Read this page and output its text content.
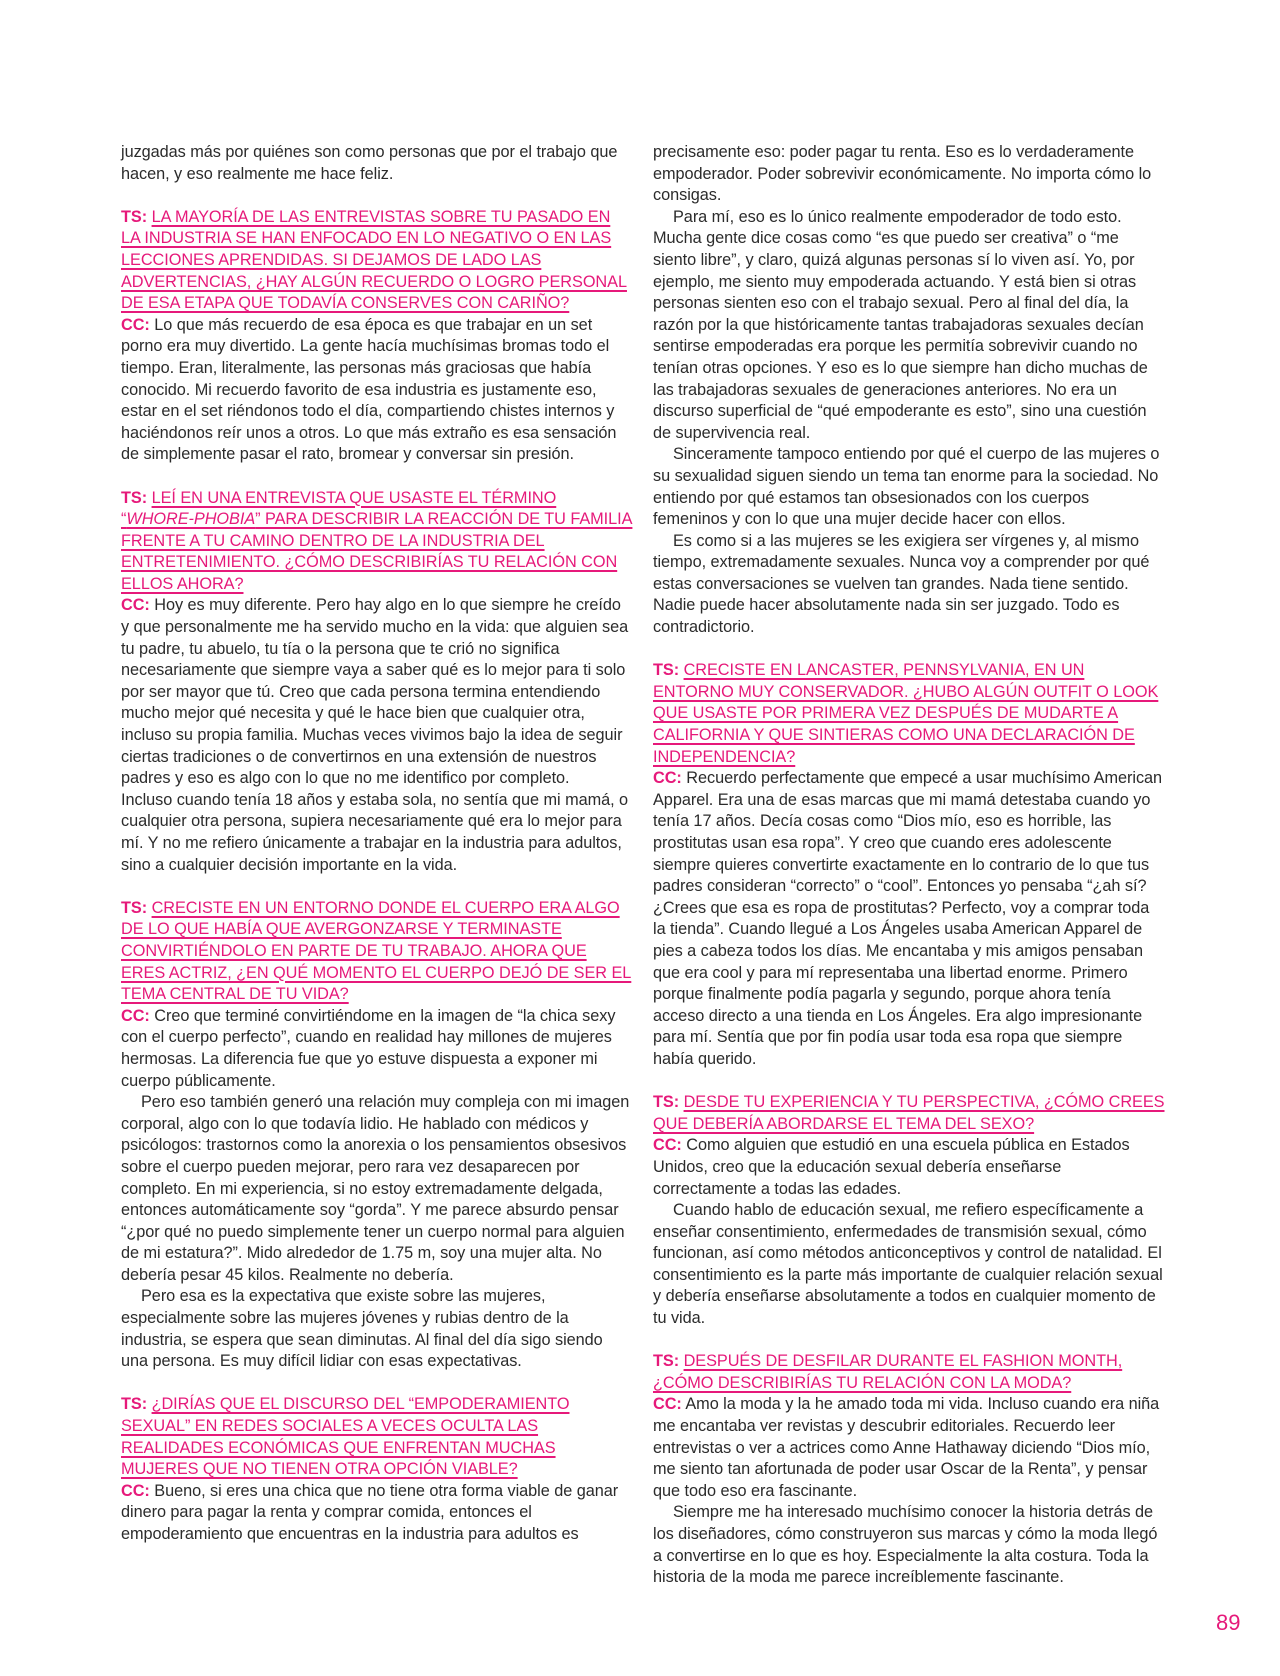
juzgadas más por quiénes son como personas que por el trabajo que hacen, y eso realmente me hace feliz.

TS: LA MAYORÍA DE LAS ENTREVISTAS SOBRE TU PASADO EN LA INDUSTRIA SE HAN ENFOCADO EN LO NEGATIVO O EN LAS LECCIONES APRENDIDAS. SI DEJAMOS DE LADO LAS ADVERTENCIAS, ¿HAY ALGÚN RECUERDO O LOGRO PERSONAL DE ESA ETAPA QUE TODAVÍA CONSERVES CON CARIÑO?

CC: Lo que más recuerdo de esa época es que trabajar en un set porno era muy divertido. La gente hacía muchísimas bromas todo el tiempo. Eran, literalmente, las personas más graciosas que había conocido. Mi recuerdo favorito de esa industria es justamente eso, estar en el set riéndonos todo el día, compartiendo chistes internos y haciéndonos reír unos a otros. Lo que más extraño es esa sensación de simplemente pasar el rato, bromear y conversar sin presión.

TS: LEÍ EN UNA ENTREVISTA QUE USASTE EL TÉRMINO “WHORE-PHOBIA” PARA DESCRIBIR LA REACCIÓN DE TU FAMILIA FRENTE A TU CAMINO DENTRO DE LA INDUSTRIA DEL ENTRETENIMIENTO. ¿CÓMO DESCRIBIRÍAS TU RELACIÓN CON ELLOS AHORA?

CC: Hoy es muy diferente. Pero hay algo en lo que siempre he creído y que personalmente me ha servido mucho en la vida: que alguien sea tu padre, tu abuelo, tu tía o la persona que te crió no significa necesariamente que siempre vaya a saber qué es lo mejor para ti solo por ser mayor que tú. Creo que cada persona termina entendiendo mucho mejor qué necesita y qué le hace bien que cualquier otra, incluso su propia familia. Muchas veces vivimos bajo la idea de seguir ciertas tradiciones o de convertirnos en una extensión de nuestros padres y eso es algo con lo que no me identifico por completo.

Incluso cuando tenía 18 años y estaba sola, no sentía que mi mamá, o cualquier otra persona, supiera necesariamente qué era lo mejor para mí. Y no me refiero únicamente a trabajar en la industria para adultos, sino a cualquier decisión importante en la vida.

TS: CRECISTE EN UN ENTORNO DONDE EL CUERPO ERA ALGO DE LO QUE HABÍA QUE AVERGONZARSE Y TERMINASTE CONVIRTIÉNDOLO EN PARTE DE TU TRABAJO. AHORA QUE ERES ACTRIZ, ¿EN QUÉ MOMENTO EL CUERPO DEJÓ DE SER EL TEMA CENTRAL DE TU VIDA?

CC: Creo que terminé convirtiéndome en la imagen de “la chica sexy con el cuerpo perfecto”, cuando en realidad hay millones de mujeres hermosas. La diferencia fue que yo estuve dispuesta a exponer mi cuerpo públicamente.

Pero eso también generó una relación muy compleja con mi imagen corporal, algo con lo que todavía lidio. He hablado con médicos y psicólogos: trastornos como la anorexia o los pensamientos obsesivos sobre el cuerpo pueden mejorar, pero rara vez desaparecen por completo. En mi experiencia, si no estoy extremadamente delgada, entonces automáticamente soy “gorda”. Y me parece absurdo pensar “¿por qué no puedo simplemente tener un cuerpo normal para alguien de mi estatura?”. Mido alrededor de 1.75 m, soy una mujer alta. No debería pesar 45 kilos. Realmente no debería.

Pero esa es la expectativa que existe sobre las mujeres, especialmente sobre las mujeres jóvenes y rubias dentro de la industria, se espera que sean diminutas. Al final del día sigo siendo una persona. Es muy difícil lidiar con esas expectativas.

TS: ¿DIRÍAS QUE EL DISCURSO DEL “EMPODERAMIENTO SEXUAL” EN REDES SOCIALES A VECES OCULTA LAS REALIDADES ECONÓMICAS QUE ENFRENTAN MUCHAS MUJERES QUE NO TIENEN OTRA OPCIÓN VIABLE?

CC: Bueno, si eres una chica que no tiene otra forma viable de ganar dinero para pagar la renta y comprar comida, entonces el empoderamiento que encuentras en la industria para adultos es

precisamente eso: poder pagar tu renta. Eso es lo verdaderamente empoderador. Poder sobrevivir económicamente. No importa cómo lo consigas.

Para mí, eso es lo único realmente empoderador de todo esto. Mucha gente dice cosas como “es que puedo ser creativa” o “me siento libre”, y claro, quizá algunas personas sí lo viven así. Yo, por ejemplo, me siento muy empoderada actuando. Y está bien si otras personas sienten eso con el trabajo sexual. Pero al final del día, la razón por la que históricamente tantas trabajadoras sexuales decían sentirse empoderadas era porque les permitía sobrevivir cuando no tenían otras opciones. Y eso es lo que siempre han dicho muchas de las trabajadoras sexuales de generaciones anteriores. No era un discurso superficial de “qué empoderante es esto”, sino una cuestión de supervivencia real.

Sinceramente tampoco entiendo por qué el cuerpo de las mujeres o su sexualidad siguen siendo un tema tan enorme para la sociedad. No entiendo por qué estamos tan obsesionados con los cuerpos femeninos y con lo que una mujer decide hacer con ellos.

Es como si a las mujeres se les exigiera ser vírgenes y, al mismo tiempo, extremadamente sexuales. Nunca voy a comprender por qué estas conversaciones se vuelven tan grandes. Nada tiene sentido. Nadie puede hacer absolutamente nada sin ser juzgado. Todo es contradictorio.

TS: CRECISTE EN LANCASTER, PENNSYLVANIA, EN UN ENTORNO MUY CONSERVADOR. ¿HUBO ALGÚN OUTFIT O LOOK QUE USASTE POR PRIMERA VEZ DESPUÉS DE MUDARTE A CALIFORNIA Y QUE SINTIERAS COMO UNA DECLARACIÓN DE INDEPENDENCIA?

CC: Recuerdo perfectamente que empecé a usar muchísimo American Apparel. Era una de esas marcas que mi mamá detestaba cuando yo tenía 17 años. Decía cosas como “Dios mío, eso es horrible, las prostitutas usan esa ropa”. Y creo que cuando eres adolescente siempre quieres convertirte exactamente en lo contrario de lo que tus padres consideran “correcto” o “cool”. Entonces yo pensaba “¿ah sí? ¿Crees que esa es ropa de prostitutas? Perfecto, voy a comprar toda la tienda”. Cuando llegué a Los Ángeles usaba American Apparel de pies a cabeza todos los días. Me encantaba y mis amigos pensaban que era cool y para mí representaba una libertad enorme. Primero porque finalmente podía pagarla y segundo, porque ahora tenía acceso directo a una tienda en Los Ángeles. Era algo impresionante para mí. Sentía que por fin podía usar toda esa ropa que siempre había querido.

TS: DESDE TU EXPERIENCIA Y TU PERSPECTIVA, ¿CÓMO CREES QUE DEBERÍA ABORDARSE EL TEMA DEL SEXO?

CC: Como alguien que estudió en una escuela pública en Estados Unidos, creo que la educación sexual debería enseñarse correctamente a todas las edades.

Cuando hablo de educación sexual, me refiero específicamente a enseñar consentimiento, enfermedades de transmisión sexual, cómo funcionan, así como métodos anticonceptivos y control de natalidad. El consentimiento es la parte más importante de cualquier relación sexual y debería enseñarse absolutamente a todos en cualquier momento de tu vida.

TS: DESPUÉS DE DESFILAR DURANTE EL FASHION MONTH, ¿CÓMO DESCRIBIRÍAS TU RELACIÓN CON LA MODA?

CC: Amo la moda y la he amado toda mi vida. Incluso cuando era niña me encantaba ver revistas y descubrir editoriales. Recuerdo leer entrevistas o ver a actrices como Anne Hathaway diciendo “Dios mío, me siento tan afortunada de poder usar Oscar de la Renta”, y pensar que todo eso era fascinante.

Siempre me ha interesado muchísimo conocer la historia detrás de los diseñadores, cómo construyeron sus marcas y cómo la moda llegó a convertirse en lo que es hoy. Especialmente la alta costura. Toda la historia de la moda me parece increíblemente fascinante.

89
